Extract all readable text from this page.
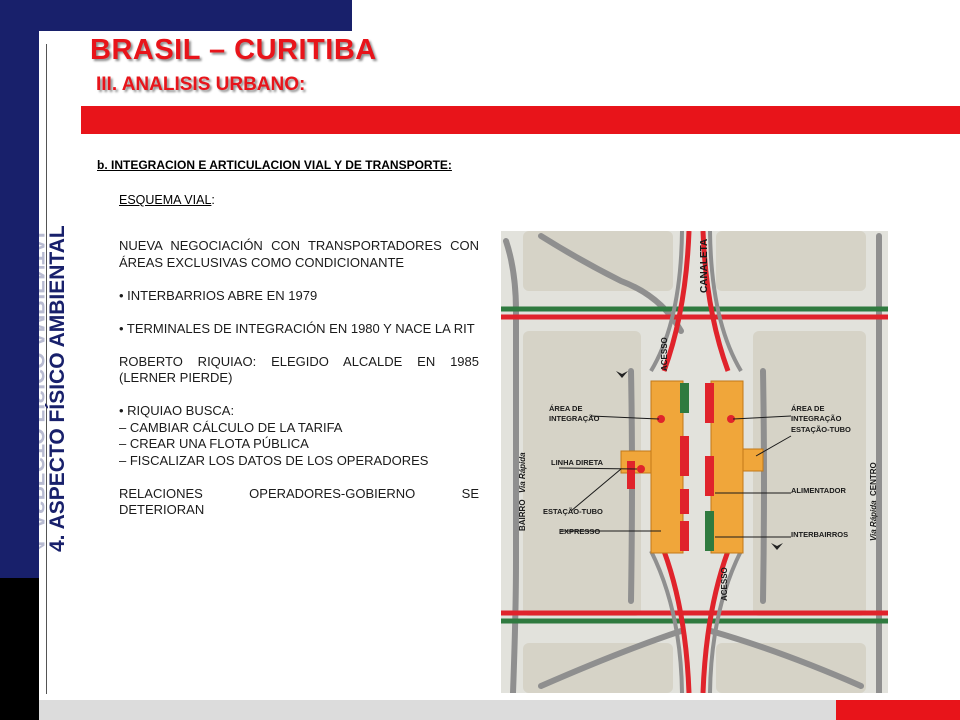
BRASIL – CURITIBA
III. ANALISIS URBANO:
4. ASPECTO FÍSICO AMBIENTAL
4. ASPECTO FÍSICO AMBIENTAL
b. INTEGRACION E ARTICULACION VIAL Y DE TRANSPORTE:
ESQUEMA VIAL:

NUEVA NEGOCIACIÓN CON TRANSPORTADORES CON ÁREAS EXCLUSIVAS COMO CONDICIONANTE

• INTERBARRIOS ABRE EN 1979

• TERMINALES DE INTEGRACIÓN EN 1980 Y NACE LA RIT

ROBERTO RIQUIAO: ELEGIDO ALCALDE EN 1985 (LERNER PIERDE)

• RIQUIAO BUSCA:

– CAMBIAR CÁLCULO DE LA TARIFA

– CREAR UNA FLOTA PÚBLICA

– FISCALIZAR LOS DATOS DE LOS OPERADORES

RELACIONES OPERADORES-GOBIERNO SE DETERIORAN

CANALETA
ACESSO
ACESSO
ÁREA DE
INTEGRAÇÃO
ÁREA DE
INTEGRAÇÃO
ESTAÇÃO-TUBO
LINHA DIRETA
ESTAÇÃO-TUBO
EXPRESSO
ALIMENTADOR
INTERBAIRROS
BAIRRO
Via Rápida
Via Rápida
CENTRO
